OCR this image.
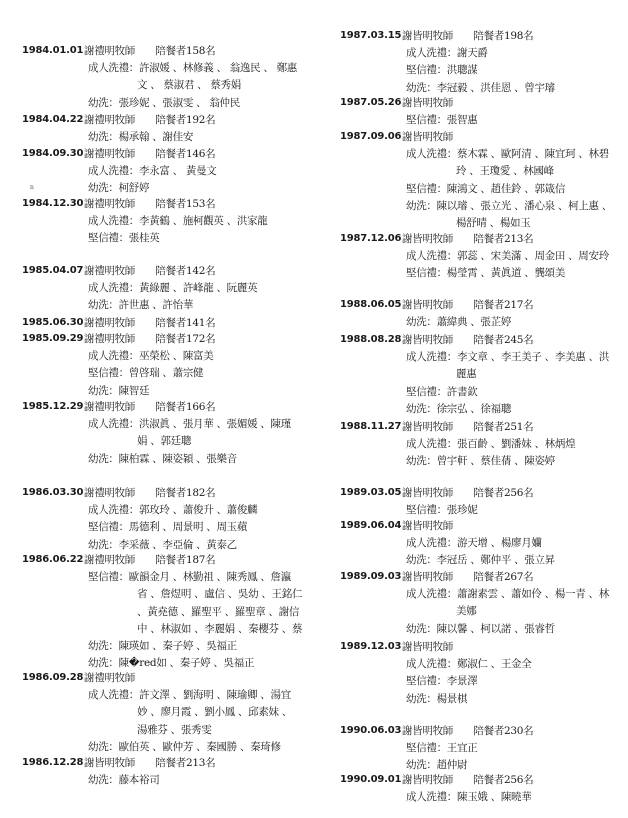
1984.01.01 謝禮明牧師　　陪餐者158名
成人洗禮：許淑媛 、林修義 、 翁逸民 、 鄭惠
文 、 蔡淑君 、 蔡秀娟
幼洗：張珍妮 、張淑雯 、 翁仲民
1984.04.22 謝禮明牧師　　陪餐者192名
幼洗：楊承翰 、謝佳安
1984.09.30 謝禮明牧師　　陪餐者146名
成人洗禮：李永富 、 黃曼文
幼洗：柯舒婷
1984.12.30 謝禮明牧師　　陪餐者153名
成人洗禮：李黃鶴 、施柯觀英 、洪家龍
堅信禮：張桂英
1985.04.07 謝禮明牧師　　陪餐者142名
成人洗禮：黃綠麗 、許峰龍 、阮麗英
幼洗：許世惠 、許怡華
1985.06.30 謝禮明牧師　　陪餐者141名
1985.09.29 謝禮明牧師　　陪餐者172名
成人洗禮：巫榮松 、陳富美
堅信禮：曾啓瑞 、蕭宗健
幼洗：陳智廷
1985.12.29 謝禮明牧師　　陪餐者166名
成人洗禮：洪淑眞 、張月華 、張媚媛 、陳瑾
娟 、郭廷聰
幼洗：陳柏霖 、陳姿穎 、張樂音
1986.03.30 謝禮明牧師　　陪餐者182名
成人洗禮：郭玫玲 、蕭俊升 、蕭俊麟
堅信禮：馬德利 、周景明 、周玉蘋
幼洗：李采薇 、李亞倫 、黃泰乙
1986.06.22 謝禮明牧師　　陪餐者187名
堅信禮：歐韻金月 、林勤祖 、陳秀鳳 、詹瀛
省 、詹煜明 、盧信 、吳幼 、王銘仁
、黃堯德 、羅聖平 、羅聖章 、謝信
中 、林淑如 、李麗娟 、秦櫻芬 、蔡
幼洗：陳瑛如 、秦子婷 、吳福正
幼洗：陳�red如 、秦子婷 、吳福正
1986.09.28 謝禮明牧師
成人洗禮：許文澤 、劉海明 、陳瑜卿 、湯宜
妙 、廖月霞 、劉小鳳 、邱素妹 、
湯雅芬 、張秀雯
幼洗：歐伯英 、歐仲芳 、秦國勝 、秦琦修
1986.12.28 謝皆明牧師　　陪餐者213名
幼洗：藤本裕司
1987.03.15 謝皆明牧師　　陪餐者198名
成人洗禮：謝天爵
堅信禮：洪聰謀
幼洗：李冠毅 、洪佳恩 、曾宇璿
1987.05.26 謝皆明牧師
堅信禮：張智惠
1987.09.06 謝皆明牧師
成人洗禮：蔡木霖 、歐阿清 、陳宜珂 、林碧
玲 、王瓊愛 、林國峰
堅信禮：陳鴻文 、趙佳鈴 、郭箴信
幼洗：陳以璿 、張立光 、潘心泉 、柯上惠 、
楊舒晴 、楊如玉
1987.12.06 謝皆明牧師　　陪餐者213名
成人洗禮：郭蕊 、宋美滿 、周金田 、周安玲
堅信禮：楊瑩霄 、黃眞道 、龔頌美
1988.06.05 謝皆明牧師　　陪餐者217名
幼洗：蕭緯典 、張芷婷
1988.08.28 謝皆明牧師　　陪餐者245名
成人洗禮：李文章 、李王美子 、李美惠 、洪
麗惠
堅信禮：許書欽
幼洗：徐宗弘 、徐福聰
1988.11.27 謝皆明牧師　　陪餐者251名
成人洗禮：張百齡 、劉潘妹 、林炳煌
幼洗：曾宇軒 、蔡佳蒨 、陳姿婷
1989.03.05 謝皆明牧師　　陪餐者256名
堅信禮：張珍妮
1989.06.04 謝皆明牧師
成人洗禮：游天增 、楊廖月孏
幼洗：李冠岳 、鄭仲平 、張立昇
1989.09.03 謝皆明牧師　　陪餐者267名
成人洗禮：蕭謝素雲 、蕭如伶 、楊一青 、林
美娜
幼洗：陳以馨 、柯以諾 、張睿哲
1989.12.03 謝皆明牧師
成人洗禮：鄭淑仁 、王金全
堅信禮：李景澤
幼洗：楊景棋
1990.06.03 謝皆明牧師　　陪餐者230名
堅信禮：王宜正
幼洗：趙仲尉
1990.09.01 謝皆明牧師　　陪餐者256名
成人洗禮：陳玉娥 、陳曉華
n
